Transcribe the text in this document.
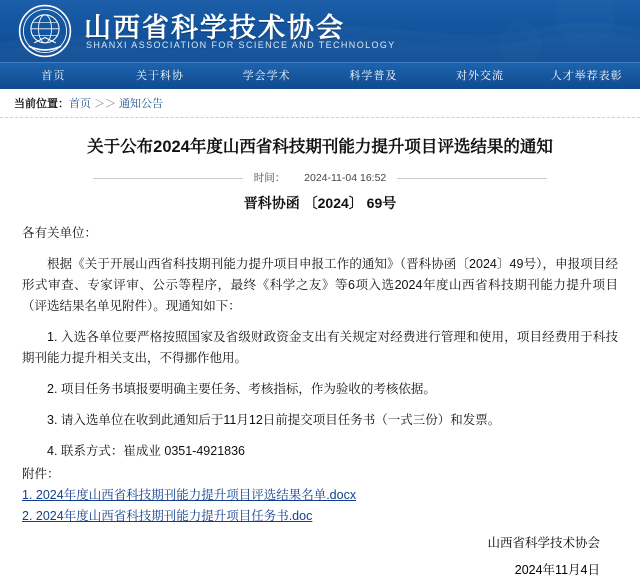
山西省科学技术协会
SHANXI ASSOCIATION FOR SCIENCE AND TECHNOLOGY
首页	关于科协	学会学术	科学普及	对外交流	人才举荐表彰
当前位置： 首页 ＞＞ 通知公告
关于公布2024年度山西省科技期刊能力提升项目评选结果的通知
时间： 2024-11-04 16:52
晋科协函 〔2024〕 69号
各有关单位：
根据《关于开展山西省科技期刊能力提升项目申报工作的通知》（晋科协函〔2024〕49号），申报项目经形式审查、专家评审、公示等程序，最终《科学之友》等6项入选2024年度山西省科技期刊能力提升项目（评选结果名单见附件）。现通知如下：
1. 入选各单位要严格按照国家及省级财政资金支出有关规定对经费进行管理和使用，项目经费用于科技期刊能力提升相关支出，不得挪作他用。
2. 项目任务书填报要明确主要任务、考核指标，作为验收的考核依据。
3. 请入选单位在收到此通知后于11月12日前提交项目任务书（一式三份）和发票。
4. 联系方式：崔成业 0351-4921836
附件：
1. 2024年度山西省科技期刊能力提升项目评选结果名单.docx
2. 2024年度山西省科技期刊能力提升项目任务书.doc
山西省科学技术协会
2024年11月4日
